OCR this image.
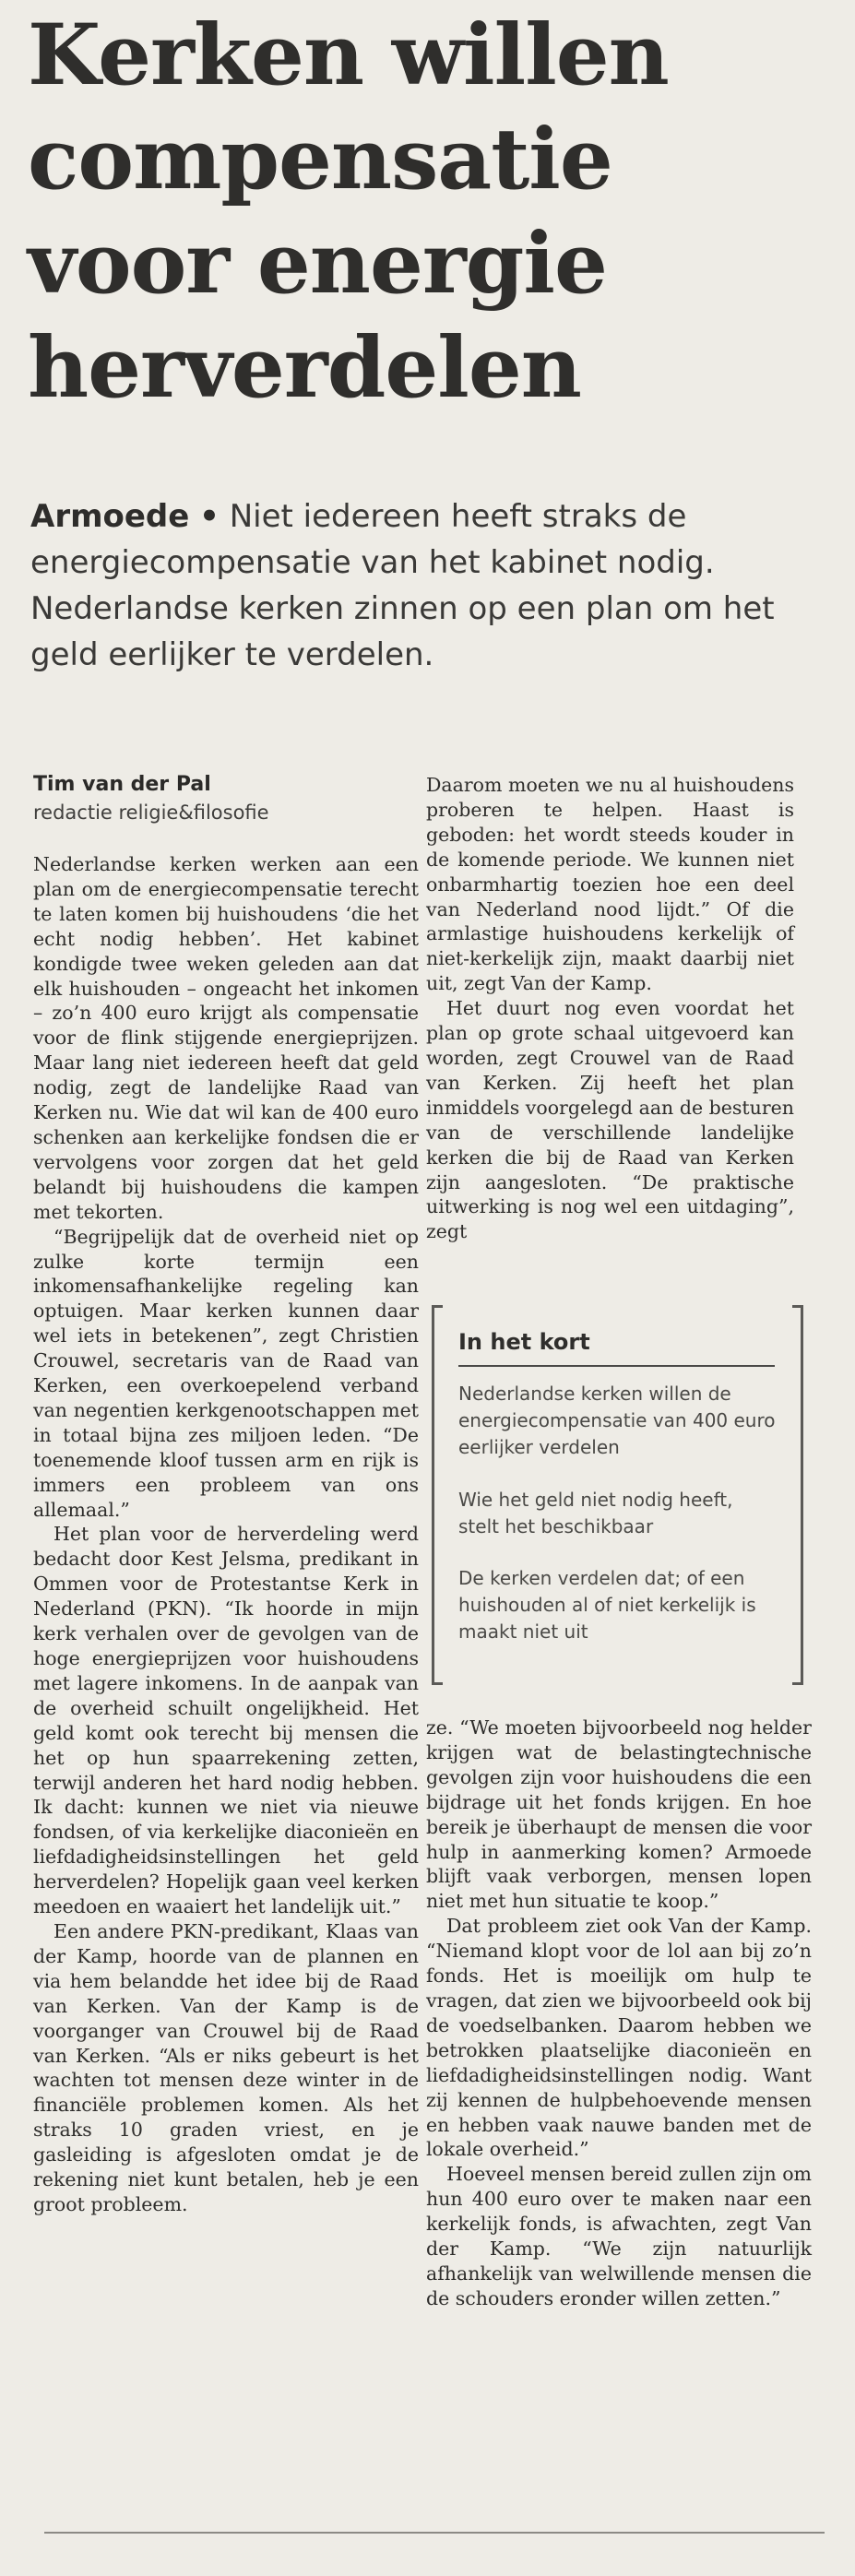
Kerken willen compensatie voor energie herverdelen

Armoede • Niet iedereen heeft straks de energiecompensatie van het kabinet nodig. Nederlandse kerken zinnen op een plan om het geld eerlijker te verdelen.

Tim van der Pal
redactie religie&filosofie

Nederlandse kerken werken aan een plan om de energiecompensatie terecht te laten komen bij huishoudens ‘die het echt nodig hebben’. Het kabinet kondigde twee weken geleden aan dat elk huishouden – ongeacht het inkomen – zo’n 400 euro krijgt als compensatie voor de flink stijgende energieprijzen. Maar lang niet iedereen heeft dat geld nodig, zegt de landelijke Raad van Kerken nu. Wie dat wil kan de 400 euro schenken aan kerkelijke fondsen die er vervolgens voor zorgen dat het geld belandt bij huishoudens die kampen met tekorten.

“Begrijpelijk dat de overheid niet op zulke korte termijn een inkomensafhankelijke regeling kan optuigen. Maar kerken kunnen daar wel iets in betekenen”, zegt Christien Crouwel, secretaris van de Raad van Kerken, een overkoepelend verband van negentien kerkgenootschappen met in totaal bijna zes miljoen leden. “De toenemende kloof tussen arm en rijk is immers een probleem van ons allemaal.”

Het plan voor de herverdeling werd bedacht door Kest Jelsma, predikant in Ommen voor de Protestantse Kerk in Nederland (PKN). “Ik hoorde in mijn kerk verhalen over de gevolgen van de hoge energieprijzen voor huishoudens met lagere inkomens. In de aanpak van de overheid schuilt ongelijkheid. Het geld komt ook terecht bij mensen die het op hun spaarrekening zetten, terwijl anderen het hard nodig hebben. Ik dacht: kunnen we niet via nieuwe fondsen, of via kerkelijke diaconieën en liefdadigheidsinstellingen het geld herverdelen? Hopelijk gaan veel kerken meedoen en waaiert het landelijk uit.”

Een andere PKN-predikant, Klaas van der Kamp, hoorde van de plannen en via hem belandde het idee bij de Raad van Kerken. Van der Kamp is de voorganger van Crouwel bij de Raad van Kerken. “Als er niks gebeurt is het wachten tot mensen deze winter in de financiële problemen komen. Als het straks 10 graden vriest, en je gasleiding is afgesloten omdat je de rekening niet kunt betalen, heb je een groot probleem.

Daarom moeten we nu al huishoudens proberen te helpen. Haast is geboden: het wordt steeds kouder in de komende periode. We kunnen niet onbarmhartig toezien hoe een deel van Nederland nood lijdt.” Of die armlastige huishoudens kerkelijk of niet-kerkelijk zijn, maakt daarbij niet uit, zegt Van der Kamp.

Het duurt nog even voordat het plan op grote schaal uitgevoerd kan worden, zegt Crouwel van de Raad van Kerken. Zij heeft het plan inmiddels voorgelegd aan de besturen van de verschillende landelijke kerken die bij de Raad van Kerken zijn aangesloten. “De praktische uitwerking is nog wel een uitdaging”, zegt

In het kort
Nederlandse kerken willen de energiecompensatie van 400 euro eerlijker verdelen
Wie het geld niet nodig heeft, stelt het beschikbaar
De kerken verdelen dat; of een huishouden al of niet kerkelijk is maakt niet uit

ze. “We moeten bijvoorbeeld nog helder krijgen wat de belastingtechnische gevolgen zijn voor huishoudens die een bijdrage uit het fonds krijgen. En hoe bereik je überhaupt de mensen die voor hulp in aanmerking komen? Armoede blijft vaak verborgen, mensen lopen niet met hun situatie te koop.”

Dat probleem ziet ook Van der Kamp. “Niemand klopt voor de lol aan bij zo’n fonds. Het is moeilijk om hulp te vragen, dat zien we bijvoorbeeld ook bij de voedselbanken. Daarom hebben we betrokken plaatselijke diaconieën en liefdadigheidsinstellingen nodig. Want zij kennen de hulpbehoevende mensen en hebben vaak nauwe banden met de lokale overheid.”

Hoeveel mensen bereid zullen zijn om hun 400 euro over te maken naar een kerkelijk fonds, is afwachten, zegt Van der Kamp. “We zijn natuurlijk afhankelijk van welwillende mensen die de schouders eronder willen zetten.”
